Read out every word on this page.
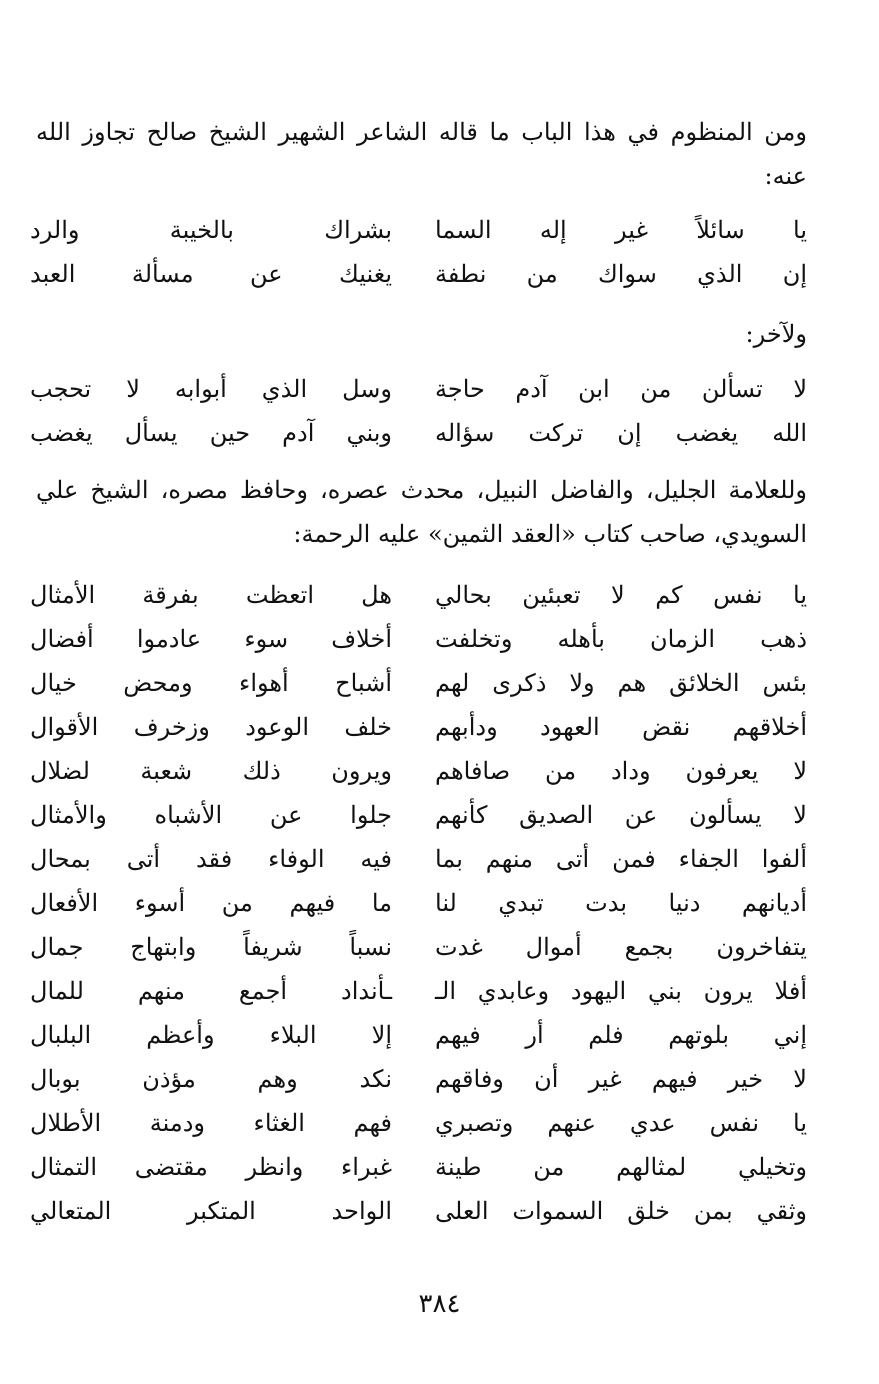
ومن المنظوم في هذا الباب ما قاله الشاعر الشهير الشيخ صالح تجاوز الله عنه:
يا سائلاً غير إله السما
بشراك بالخيبة والرد
إن الذي سواك من نطفة
يغنيك عن مسألة العبد
ولآخر:
لا تسألن من ابن آدم حاجة
وسل الذي أبوابه لا تحجب
الله يغضب إن تركت سؤاله
وبني آدم حين يسأل يغضب
وللعلامة الجليل، والفاضل النبيل، محدث عصره، وحافظ مصره، الشيخ علي السويدي، صاحب كتاب «العقد الثمين» عليه الرحمة:
يا نفس كم لا تعبئين بحالي
هل اتعظت بفرقة الأمثال
ذهب الزمان بأهله وتخلفت
أخلاف سوء عادموا أفضال
بئس الخلائق هم ولا ذكرى لهم
أشباح أهواء ومحض خيال
أخلاقهم نقض العهود ودأبهم
خلف الوعود وزخرف الأقوال
لا يعرفون وداد من صافاهم
ويرون ذلك شعبة لضلال
لا يسألون عن الصديق كأنهم
جلوا عن الأشباه والأمثال
ألفوا الجفاء فمن أتى منهم بما
فيه الوفاء فقد أتى بمحال
أديانهم دنيا بدت تبدي لنا
ما فيهم من أسوء الأفعال
يتفاخرون بجمع أموال غدت
نسباً شريفاً وابتهاج جمال
أفلا يرون بني اليهود وعابدي الـ
ـأنداد أجمع منهم للمال
إني بلوتهم فلم أر فيهم
إلا البلاء وأعظم البلبال
لا خير فيهم غير أن وفاقهم
نكد وهم مؤذن بوبال
يا نفس عدي عنهم وتصبري
فهم الغثاء ودمنة الأطلال
وتخيلي لمثالهم من طينة
غبراء وانظر مقتضى التمثال
وثقي بمن خلق السموات العلى
الواحد المتكبر المتعالي
٣٨٤
